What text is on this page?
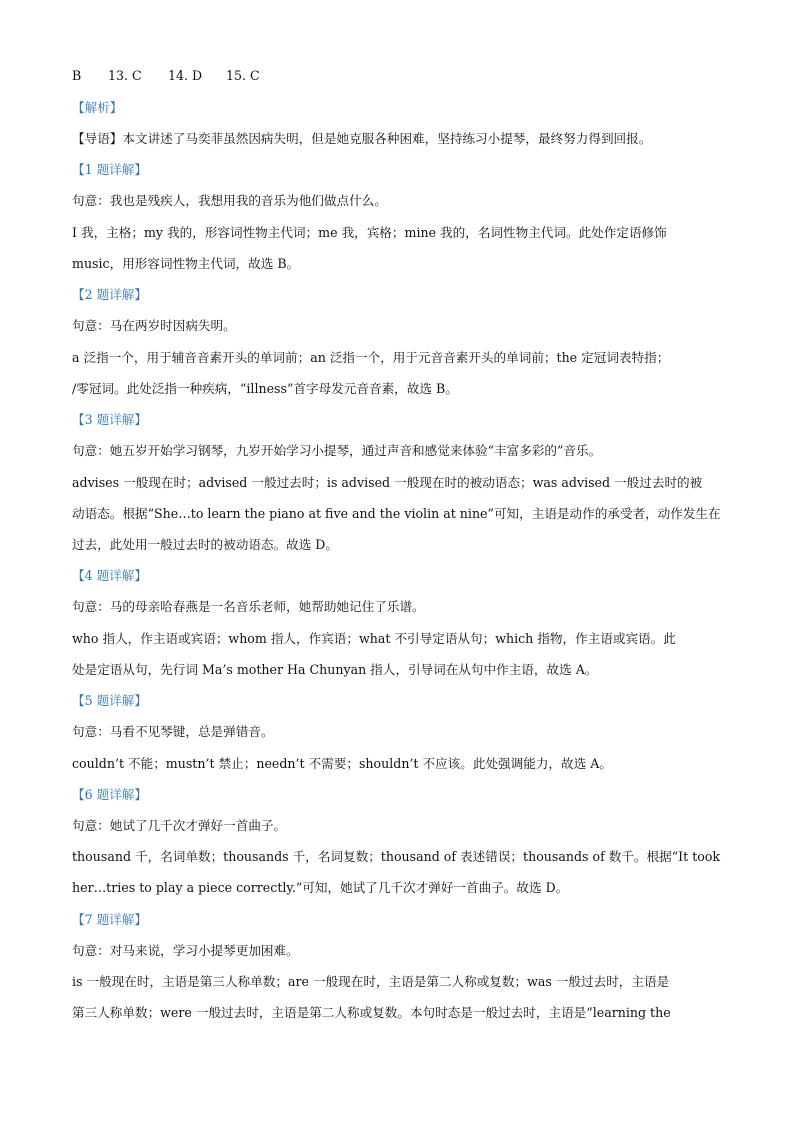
B 13. C 14. D 15. C
【解析】
【导语】本文讲述了马奕菲虽然因病失明，但是她克服各种困难，坚持练习小提琴，最终努力得到回报。
【1 题详解】
句意：我也是残疾人，我想用我的音乐为他们做点什么。
I 我，主格；my 我的，形容词性物主代词；me 我，宾格；mine 我的，名词性物主代词。此处作定语修饰
music，用形容词性物主代词，故选 B。
【2 题详解】
句意：马在两岁时因病失明。
a 泛指一个，用于辅音音素开头的单词前；an 泛指一个，用于元音音素开头的单词前；the 定冠词表特指；
/零冠词。此处泛指一种疾病，“illness”首字母发元音音素，故选 B。
【3 题详解】
句意：她五岁开始学习钢琴，九岁开始学习小提琴，通过声音和感觉来体验“丰富多彩的”音乐。
advises 一般现在时；advised 一般过去时；is advised 一般现在时的被动语态；was advised 一般过去时的被
动语态。根据“She…to learn the piano at five and the violin at nine”可知，主语是动作的承受者，动作发生在
过去，此处用一般过去时的被动语态。故选 D。
【4 题详解】
句意：马的母亲哈春燕是一名音乐老师，她帮助她记住了乐谱。
who 指人，作主语或宾语；whom 指人，作宾语；what 不引导定语从句；which 指物，作主语或宾语。此
处是定语从句，先行词 Ma’s mother Ha Chunyan 指人，引导词在从句中作主语，故选 A。
【5 题详解】
句意：马看不见琴键，总是弹错音。
couldn’t 不能；mustn’t 禁止；needn’t 不需要；shouldn’t 不应该。此处强调能力，故选 A。
【6 题详解】
句意：她试了几千次才弹好一首曲子。
thousand 千，名词单数；thousands 千，名词复数；thousand of 表述错误；thousands of 数千。根据“It took
her…tries to play a piece correctly.”可知，她试了几千次才弹好一首曲子。故选 D。
【7 题详解】
句意：对马来说，学习小提琴更加困难。
is 一般现在时，主语是第三人称单数；are 一般现在时，主语是第二人称或复数；was 一般过去时，主语是
第三人称单数；were 一般过去时，主语是第二人称或复数。本句时态是一般过去时，主语是“learning the
